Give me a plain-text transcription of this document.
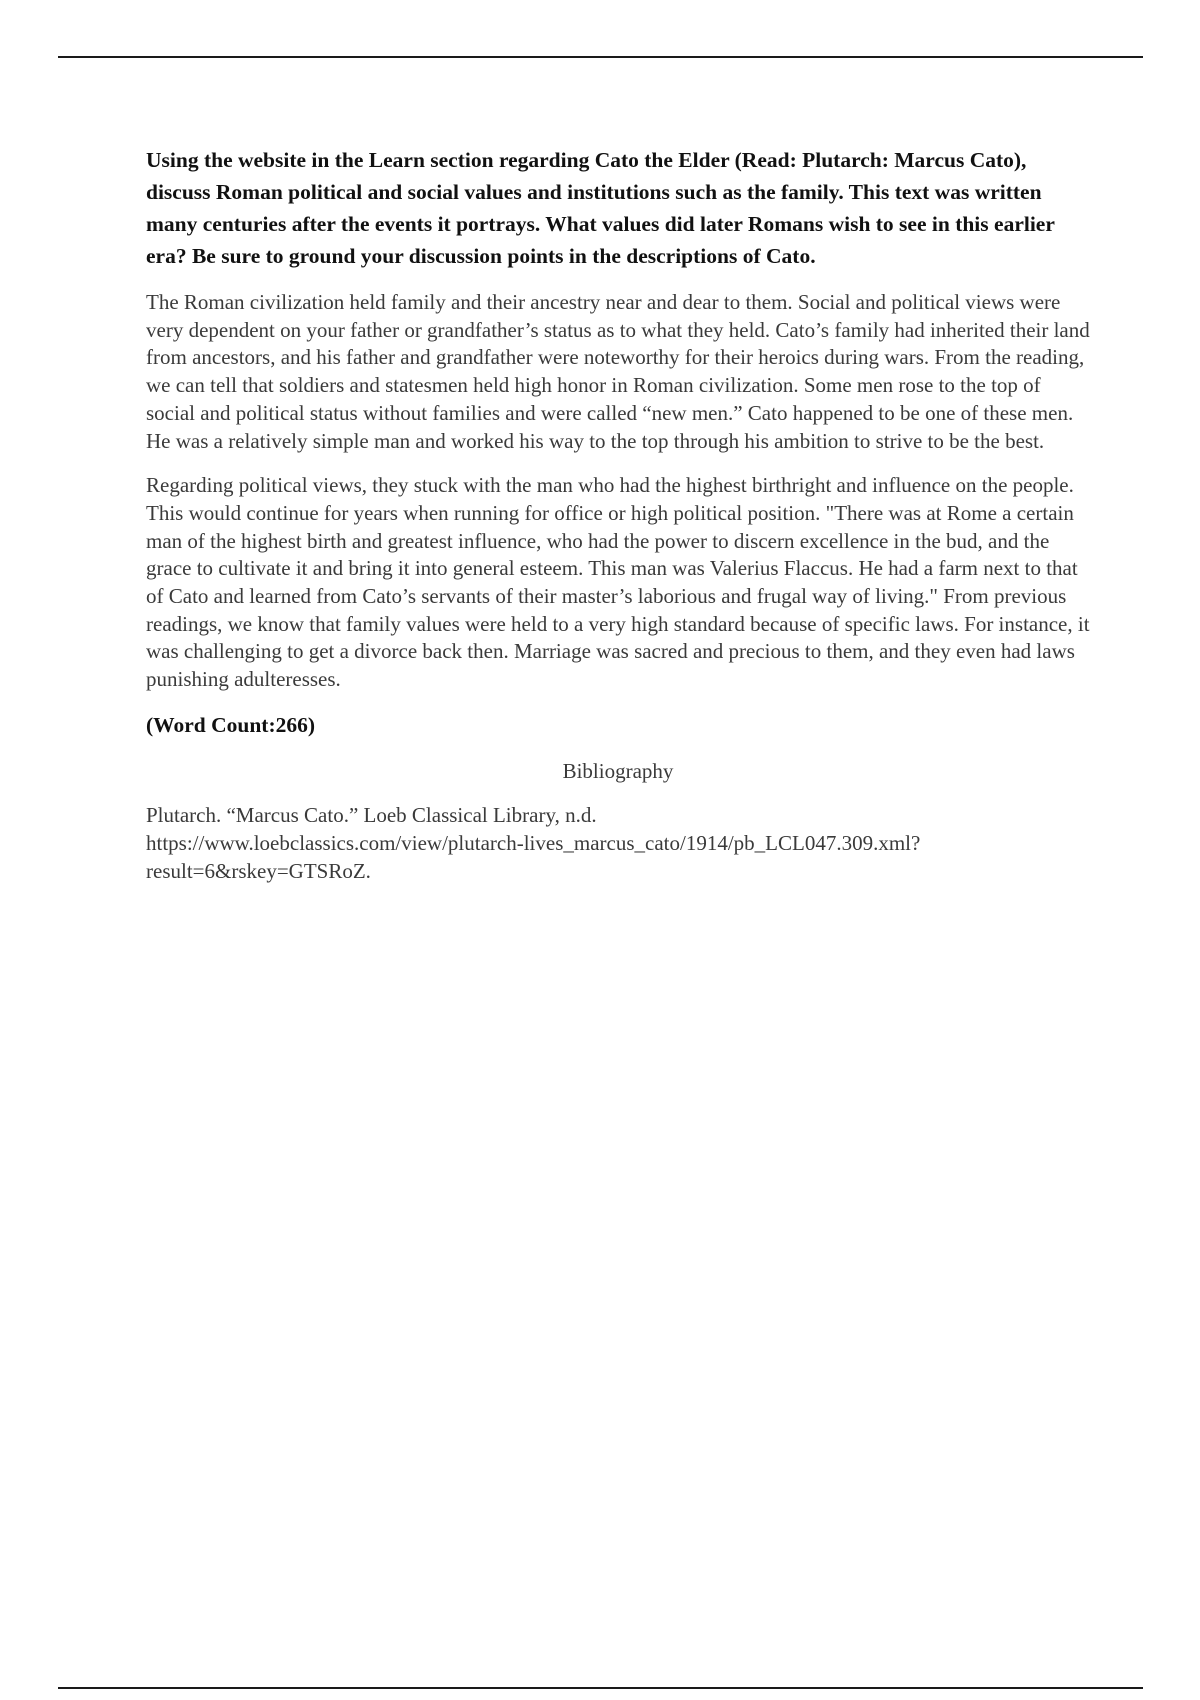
Using the website in the Learn section regarding Cato the Elder (Read: Plutarch: Marcus Cato), discuss Roman political and social values and institutions such as the family. This text was written many centuries after the events it portrays. What values did later Romans wish to see in this earlier era? Be sure to ground your discussion points in the descriptions of Cato.

The Roman civilization held family and their ancestry near and dear to them. Social and political views were very dependent on your father or grandfather’s status as to what they held. Cato’s family had inherited their land from ancestors, and his father and grandfather were noteworthy for their heroics during wars. From the reading, we can tell that soldiers and statesmen held high honor in Roman civilization. Some men rose to the top of social and political status without families and were called “new men.” Cato happened to be one of these men. He was a relatively simple man and worked his way to the top through his ambition to strive to be the best.

Regarding political views, they stuck with the man who had the highest birthright and influence on the people. This would continue for years when running for office or high political position. "There was at Rome a certain man of the highest birth and greatest influence, who had the power to discern excellence in the bud, and the grace to cultivate it and bring it into general esteem. This man was Valerius Flaccus. He had a farm next to that of Cato and learned from Cato’s servants of their master’s laborious and frugal way of living." From previous readings, we know that family values were held to a very high standard because of specific laws. For instance, it was challenging to get a divorce back then. Marriage was sacred and precious to them, and they even had laws punishing adulteresses.

(Word Count:266)

Bibliography

Plutarch. “Marcus Cato.” Loeb Classical Library, n.d.
https://www.loebclassics.com/view/plutarch-lives_marcus_cato/1914/pb_LCL047.309.xml?
result=6&rskey=GTSRoZ.
